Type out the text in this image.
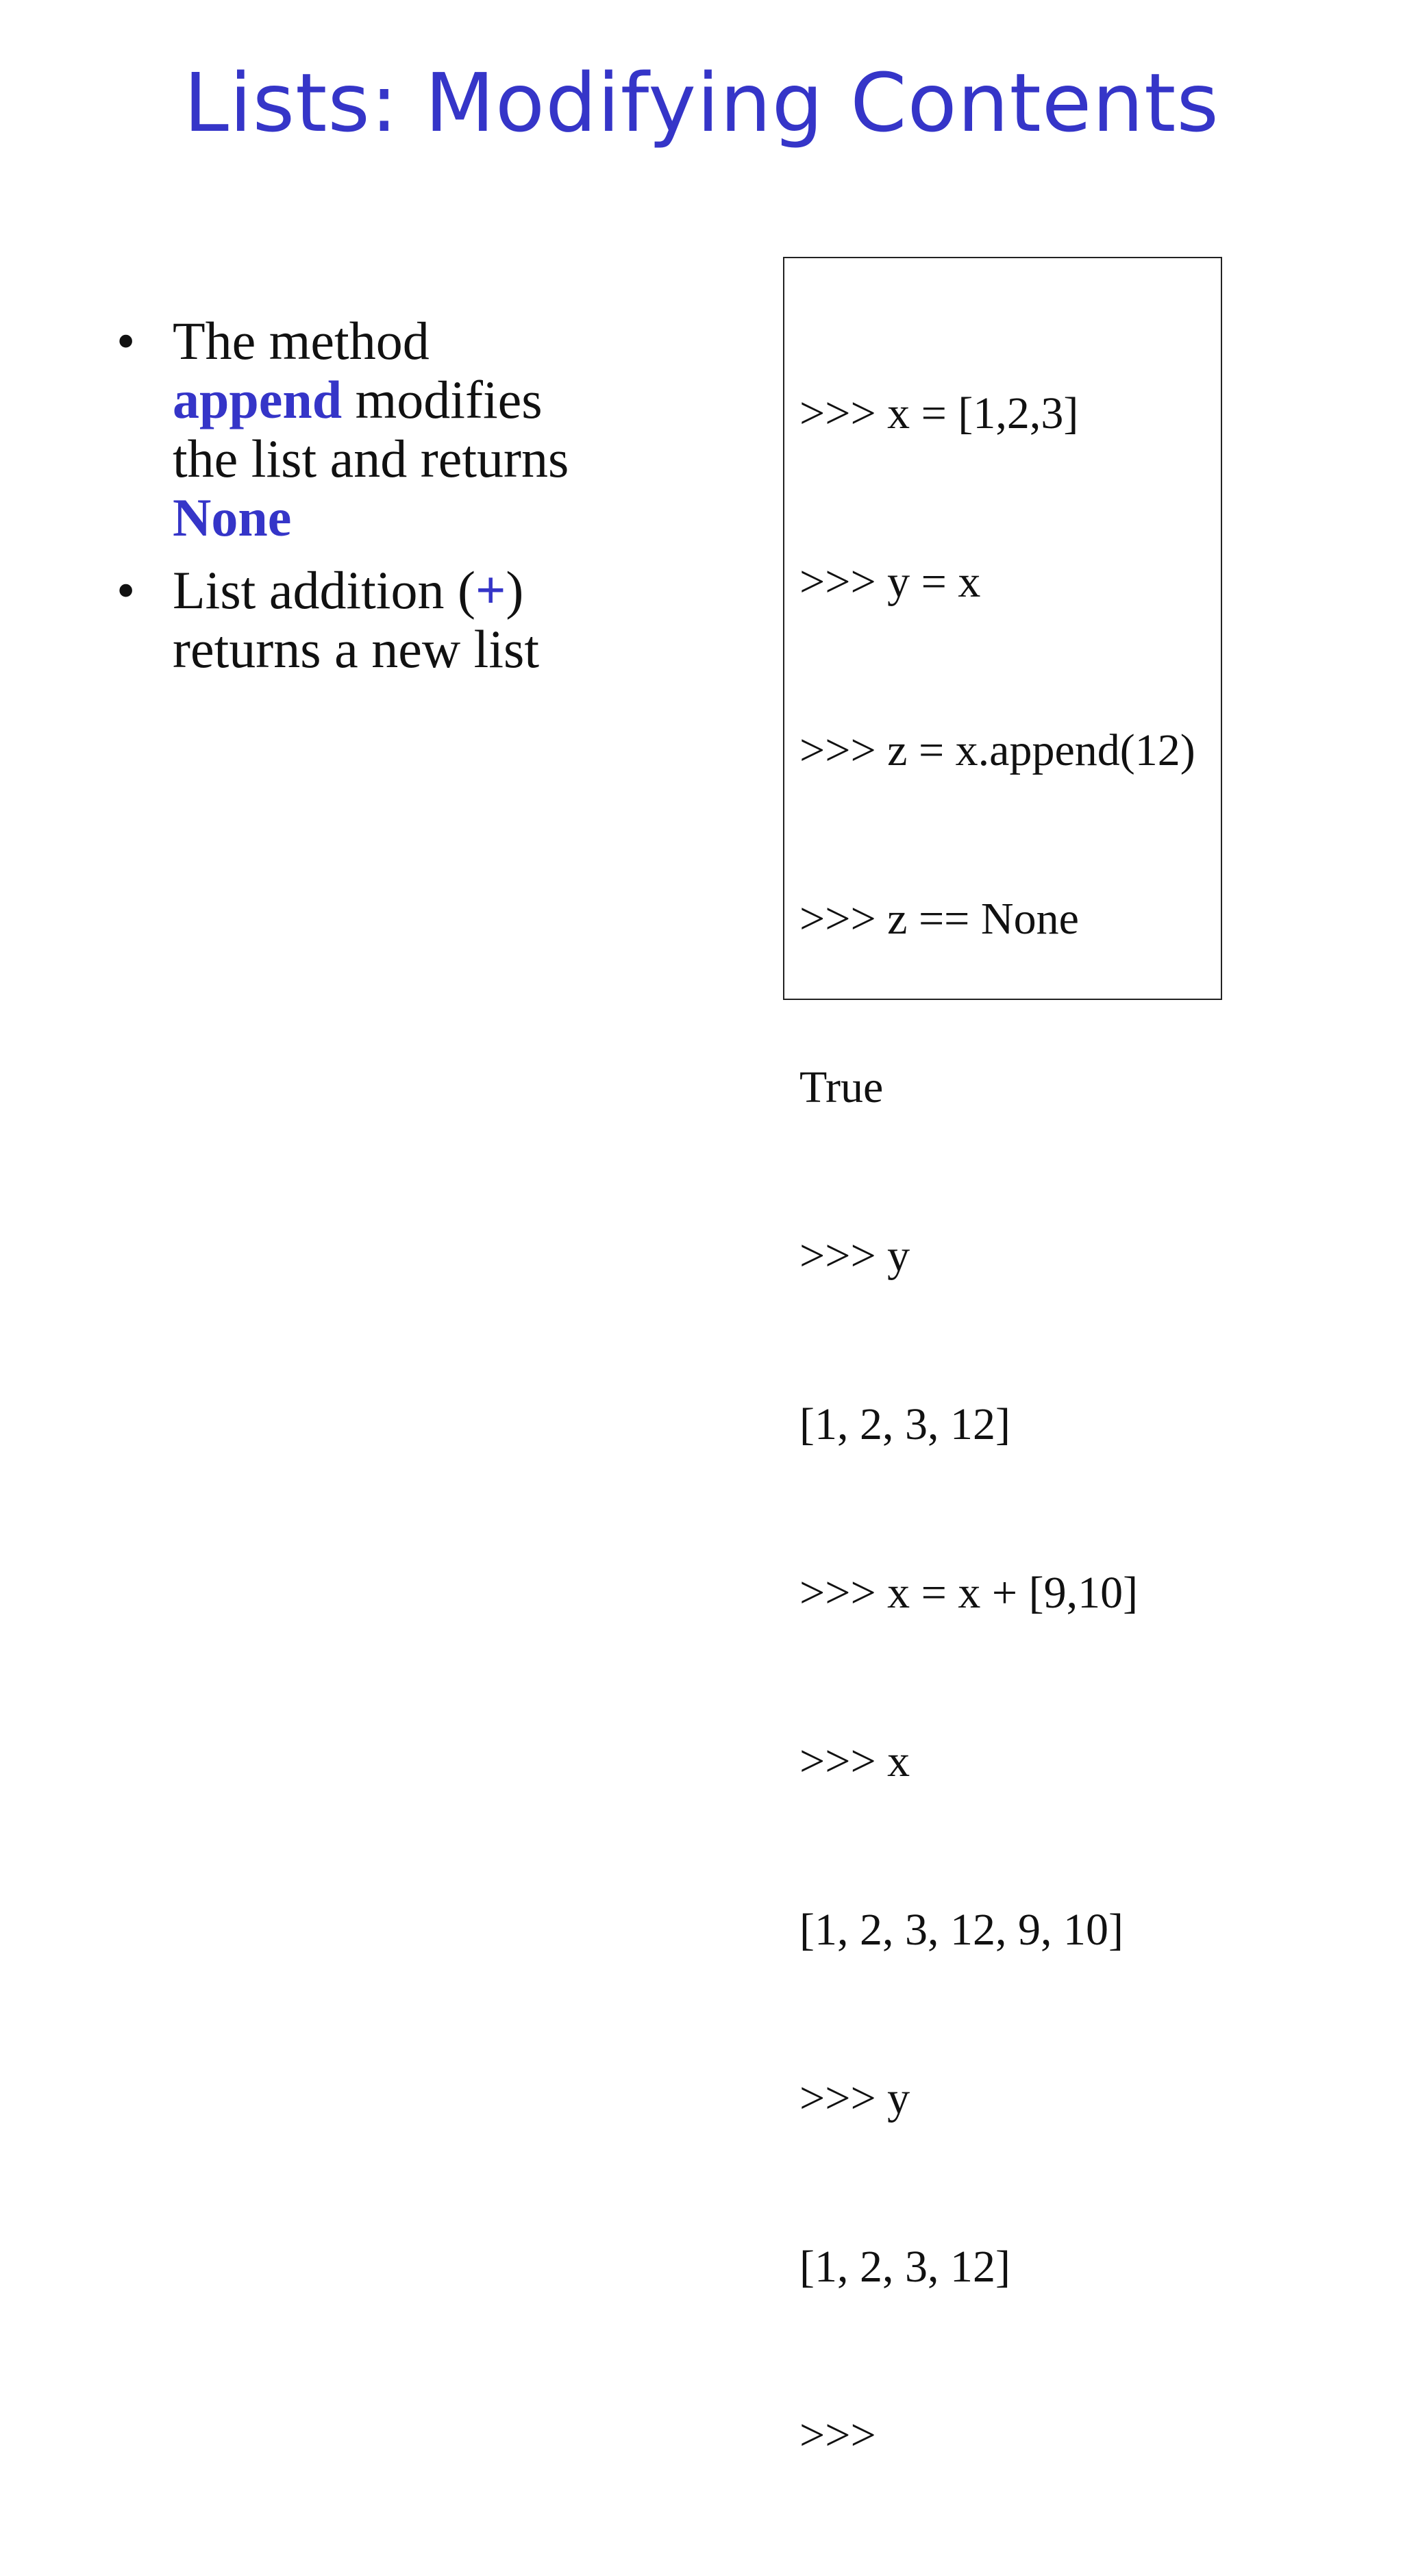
Lists: Modifying Contents
• The method
append modifies
the list and returns
None
• List addition (+)
returns a new list

>>> x = [1,2,3]

>>> y = x

>>> z = x.append(12)

>>> z == None

True

>>> y

[1, 2, 3, 12]

>>> x = x + [9,10]

>>> x

[1, 2, 3, 12, 9, 10]

>>> y

[1, 2, 3, 12]

>>>
